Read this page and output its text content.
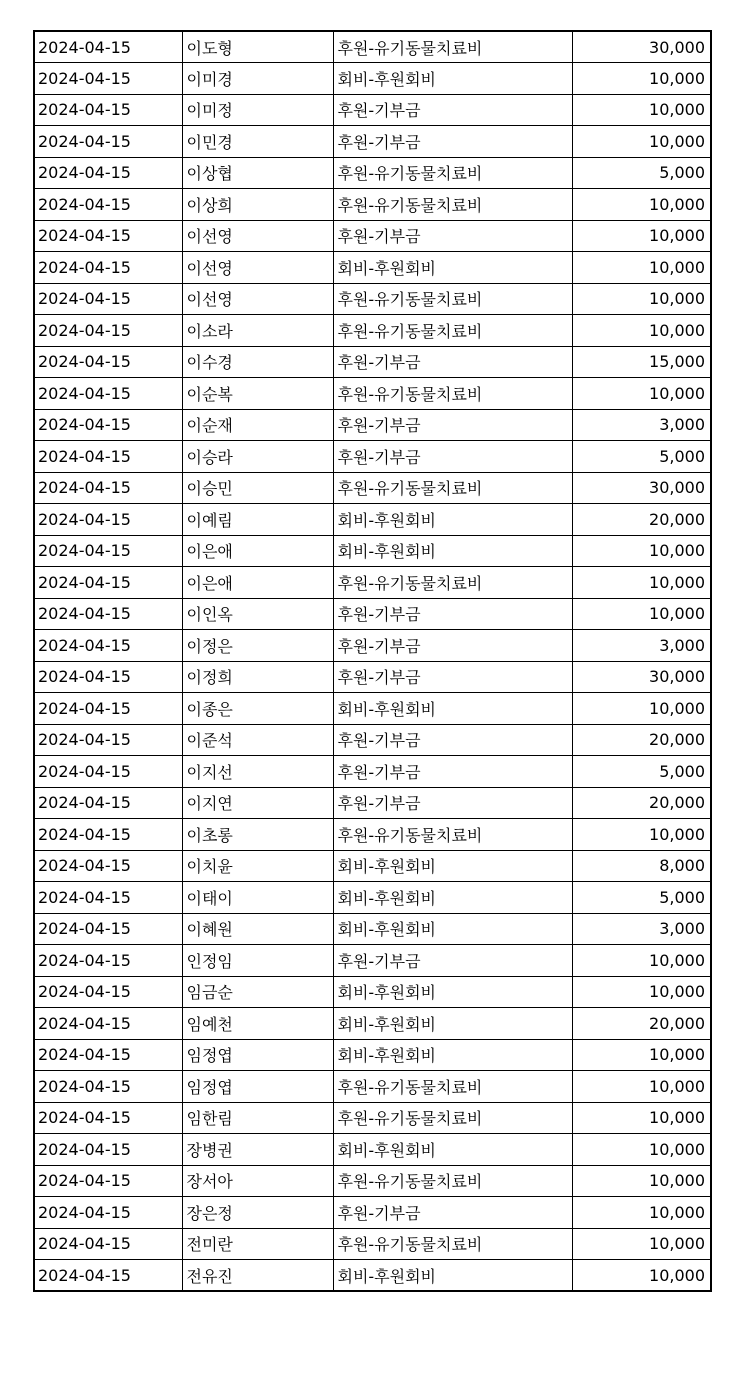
2024-04-15	이도형	후원-유기동물치료비	30,000
2024-04-15	이미경	회비-후원회비	10,000
2024-04-15	이미정	후원-기부금	10,000
2024-04-15	이민경	후원-기부금	10,000
2024-04-15	이상협	후원-유기동물치료비	5,000
2024-04-15	이상희	후원-유기동물치료비	10,000
2024-04-15	이선영	후원-기부금	10,000
2024-04-15	이선영	회비-후원회비	10,000
2024-04-15	이선영	후원-유기동물치료비	10,000
2024-04-15	이소라	후원-유기동물치료비	10,000
2024-04-15	이수경	후원-기부금	15,000
2024-04-15	이순복	후원-유기동물치료비	10,000
2024-04-15	이순재	후원-기부금	3,000
2024-04-15	이승라	후원-기부금	5,000
2024-04-15	이승민	후원-유기동물치료비	30,000
2024-04-15	이예림	회비-후원회비	20,000
2024-04-15	이은애	회비-후원회비	10,000
2024-04-15	이은애	후원-유기동물치료비	10,000
2024-04-15	이인옥	후원-기부금	10,000
2024-04-15	이정은	후원-기부금	3,000
2024-04-15	이정희	후원-기부금	30,000
2024-04-15	이종은	회비-후원회비	10,000
2024-04-15	이준석	후원-기부금	20,000
2024-04-15	이지선	후원-기부금	5,000
2024-04-15	이지연	후원-기부금	20,000
2024-04-15	이초롱	후원-유기동물치료비	10,000
2024-04-15	이치윤	회비-후원회비	8,000
2024-04-15	이태이	회비-후원회비	5,000
2024-04-15	이혜원	회비-후원회비	3,000
2024-04-15	인정임	후원-기부금	10,000
2024-04-15	임금순	회비-후원회비	10,000
2024-04-15	임예천	회비-후원회비	20,000
2024-04-15	임정엽	회비-후원회비	10,000
2024-04-15	임정엽	후원-유기동물치료비	10,000
2024-04-15	임한림	후원-유기동물치료비	10,000
2024-04-15	장병권	회비-후원회비	10,000
2024-04-15	장서아	후원-유기동물치료비	10,000
2024-04-15	장은정	후원-기부금	10,000
2024-04-15	전미란	후원-유기동물치료비	10,000
2024-04-15	전유진	회비-후원회비	10,000
